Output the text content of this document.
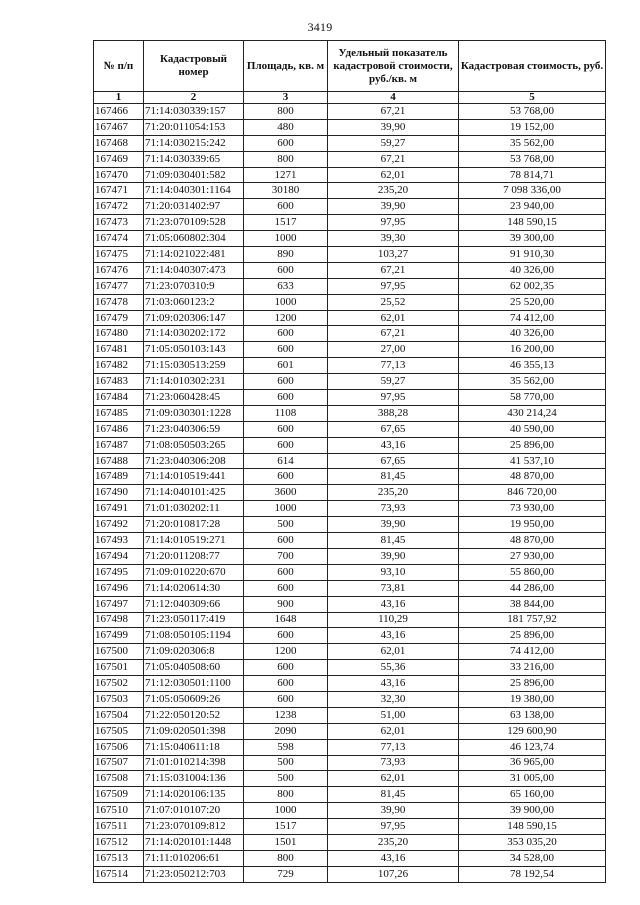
3419
№ п/п	Кадастровый номер	Площадь, кв. м	Удельный показатель кадастровой стоимости, руб./кв. м	Кадастровая стоимость, руб.
1	2	3	4	5
167466	71:14:030339:157	800	67,21	53 768,00
167467	71:20:011054:153	480	39,90	19 152,00
167468	71:14:030215:242	600	59,27	35 562,00
167469	71:14:030339:65	800	67,21	53 768,00
167470	71:09:030401:582	1271	62,01	78 814,71
167471	71:14:040301:1164	30180	235,20	7 098 336,00
167472	71:20:031402:97	600	39,90	23 940,00
167473	71:23:070109:528	1517	97,95	148 590,15
167474	71:05:060802:304	1000	39,30	39 300,00
167475	71:14:021022:481	890	103,27	91 910,30
167476	71:14:040307:473	600	67,21	40 326,00
167477	71:23:070310:9	633	97,95	62 002,35
167478	71:03:060123:2	1000	25,52	25 520,00
167479	71:09:020306:147	1200	62,01	74 412,00
167480	71:14:030202:172	600	67,21	40 326,00
167481	71:05:050103:143	600	27,00	16 200,00
167482	71:15:030513:259	601	77,13	46 355,13
167483	71:14:010302:231	600	59,27	35 562,00
167484	71:23:060428:45	600	97,95	58 770,00
167485	71:09:030301:1228	1108	388,28	430 214,24
167486	71:23:040306:59	600	67,65	40 590,00
167487	71:08:050503:265	600	43,16	25 896,00
167488	71:23:040306:208	614	67,65	41 537,10
167489	71:14:010519:441	600	81,45	48 870,00
167490	71:14:040101:425	3600	235,20	846 720,00
167491	71:01:030202:11	1000	73,93	73 930,00
167492	71:20:010817:28	500	39,90	19 950,00
167493	71:14:010519:271	600	81,45	48 870,00
167494	71:20:011208:77	700	39,90	27 930,00
167495	71:09:010220:670	600	93,10	55 860,00
167496	71:14:020614:30	600	73,81	44 286,00
167497	71:12:040309:66	900	43,16	38 844,00
167498	71:23:050117:419	1648	110,29	181 757,92
167499	71:08:050105:1194	600	43,16	25 896,00
167500	71:09:020306:8	1200	62,01	74 412,00
167501	71:05:040508:60	600	55,36	33 216,00
167502	71:12:030501:1100	600	43,16	25 896,00
167503	71:05:050609:26	600	32,30	19 380,00
167504	71:22:050120:52	1238	51,00	63 138,00
167505	71:09:020501:398	2090	62,01	129 600,90
167506	71:15:040611:18	598	77,13	46 123,74
167507	71:01:010214:398	500	73,93	36 965,00
167508	71:15:031004:136	500	62,01	31 005,00
167509	71:14:020106:135	800	81,45	65 160,00
167510	71:07:010107:20	1000	39,90	39 900,00
167511	71:23:070109:812	1517	97,95	148 590,15
167512	71:14:020101:1448	1501	235,20	353 035,20
167513	71:11:010206:61	800	43,16	34 528,00
167514	71:23:050212:703	729	107,26	78 192,54
